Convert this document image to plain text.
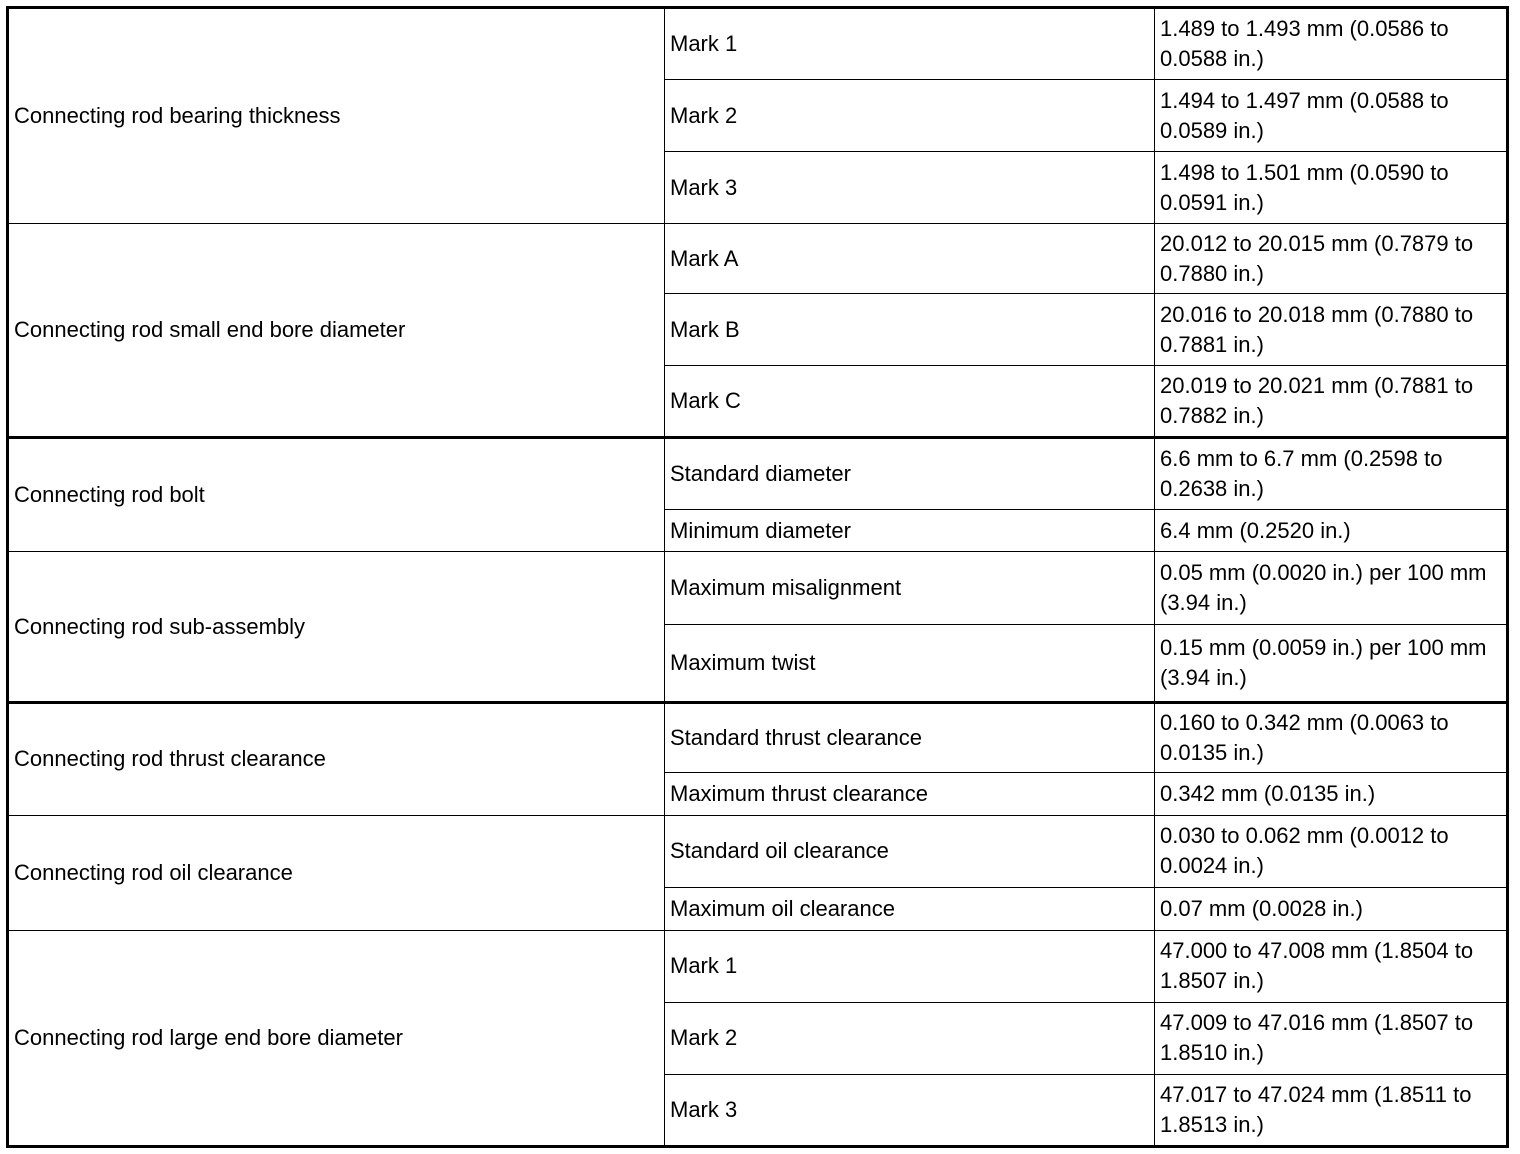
Connecting rod bearing thickness	Mark 1	1.489 to 1.493 mm (0.0586 to 0.0588 in.)
	Mark 2	1.494 to 1.497 mm (0.0588 to 0.0589 in.)
	Mark 3	1.498 to 1.501 mm (0.0590 to 0.0591 in.)
Connecting rod small end bore diameter	Mark A	20.012 to 20.015 mm (0.7879 to 0.7880 in.)
	Mark B	20.016 to 20.018 mm (0.7880 to 0.7881 in.)
	Mark C	20.019 to 20.021 mm (0.7881 to 0.7882 in.)
Connecting rod bolt	Standard diameter	6.6 mm to 6.7 mm (0.2598 to 0.2638 in.)
	Minimum diameter	6.4 mm (0.2520 in.)
Connecting rod sub-assembly	Maximum misalignment	0.05 mm (0.0020 in.) per 100 mm (3.94 in.)
	Maximum twist	0.15 mm (0.0059 in.) per 100 mm (3.94 in.)
Connecting rod thrust clearance	Standard thrust clearance	0.160 to 0.342 mm (0.0063 to 0.0135 in.)
	Maximum thrust clearance	0.342 mm (0.0135 in.)
Connecting rod oil clearance	Standard oil clearance	0.030 to 0.062 mm (0.0012 to 0.0024 in.)
	Maximum oil clearance	0.07 mm (0.0028 in.)
Connecting rod large end bore diameter	Mark 1	47.000 to 47.008 mm (1.8504 to 1.8507 in.)
	Mark 2	47.009 to 47.016 mm (1.8507 to 1.8510 in.)
	Mark 3	47.017 to 47.024 mm (1.8511 to 1.8513 in.)
